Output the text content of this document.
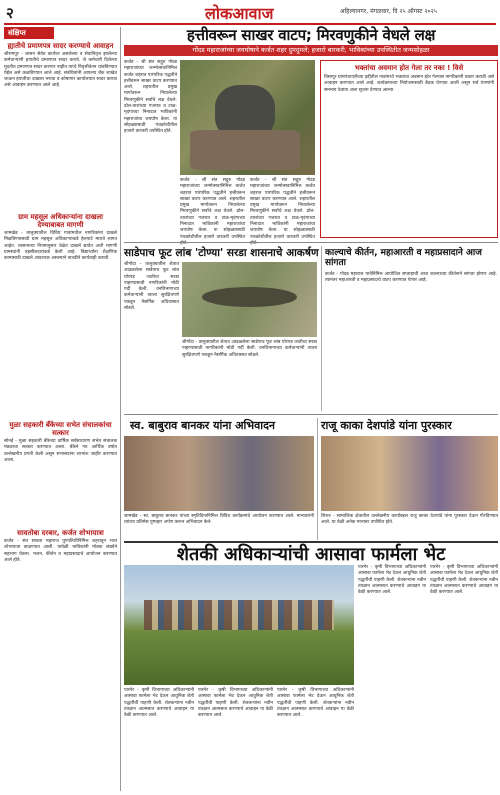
२	लोकआवाज	अहिल्यानगर, मंगळवार, दि २५ ऑगस्ट २०२५
संक्षिप्त
ह्यातीचे प्रमाणपत्र सादर करण्याचे आवाहन
श्रीरामपूर - शासन सेवेत कार्यरत असलेल्या व सेवानिवृत्त झालेल्या कर्मचाऱ्यांनी हयातीचे प्रमाणपत्र सादर करावे. जे कर्मचारी दिलेल्या मुदतीत प्रमाणपत्र सादर करणार नाहीत त्यांचे निवृत्तीवेतन थांबविण्यात येईल असे कळविण्यात आले आहे. संबंधितांनी आपल्या बँक शाखेत जाऊन हयातीचा दाखला भरावा व कोषागार कार्यालयात सादर करावा असे आवाहन करण्यात आले आहे.
ग्राम महसूल अधिकाऱ्यांना दाखला देण्याबाबत मागणी
जामखेड - तालुक्यातील विविध गावांमधील नागरिकांना दाखले मिळविण्यासाठी ग्राम महसूल अधिकाऱ्यांकडे हेलपाटे मारावे लागत आहेत. शासनाच्या नियमानुसार वेळेत दाखले द्यावेत अशी मागणी ग्रामस्थांनी तहसीलदारांकडे केली आहे. विद्यार्थ्यांना शैक्षणिक कामासाठी दाखले आवश्यक असल्याने तातडीने कार्यवाही करावी.
मुळा सहकारी बँकेच्या सभेत संचालकांचा सत्कार
सोनई - मुळा सहकारी बँकेच्या वार्षिक सर्वसाधारण सभेत संचालक मंडळाचा सत्कार करण्यात आला. बँकेने गत आर्थिक वर्षात उल्लेखनीय प्रगती केली असून सभासदांना लाभांश जाहीर करण्यात आला.
सावतोबा दरबार, कर्जत शोभायात्रा
कर्जत - संत सावता महाराज पुण्यतिथीनिमित्त शहरातून भव्य शोभायात्रा काढण्यात आली. यावेळी भाविकांनी मोठ्या संख्येने सहभाग घेतला. भजन, कीर्तन व महाप्रसादाचे आयोजन करण्यात आले होते.
हत्तीवरून साखर वाटप; मिरवणुकीने वेधले लक्ष
गोंदड महाराजांच्या जयघोषाने कर्जत शहर दुमदुमले; हजारो बारकरी, भाविकांच्या उपस्थितीत जन्मसोहळा
कर्जत - श्री संत सद्गुरु गोदड महाराजांच्या जन्मोत्सवानिमित्त कर्जत शहरात पारंपरिक पद्धतीने हत्तीवरून साखर वाटप करण्यात आले. शहरातील प्रमुख मार्गावरून निघालेल्या मिरवणुकीने सर्वांचे लक्ष वेधले. ढोल-ताशांच्या गजरात व टाळ-मृदंगाच्या निनादात भाविकांनी महाराजांचा जयघोष केला. या सोहळ्यासाठी पंचक्रोशीतील हजारो वारकरी उपस्थित होते.
कर्जत - श्री संत सद्गुरु गोदड महाराजांच्या जन्मोत्सवानिमित्त कर्जत शहरात पारंपरिक पद्धतीने हत्तीवरून साखर वाटप करण्यात आले. शहरातील प्रमुख मार्गावरून निघालेल्या मिरवणुकीने सर्वांचे लक्ष वेधले. ढोल-ताशांच्या गजरात व टाळ-मृदंगाच्या निनादात भाविकांनी महाराजांचा जयघोष केला. या सोहळ्यासाठी पंचक्रोशीतील हजारो वारकरी उपस्थित होते.
कर्जत - श्री संत सद्गुरु गोदड महाराजांच्या जन्मोत्सवानिमित्त कर्जत शहरात पारंपरिक पद्धतीने हत्तीवरून साखर वाटप करण्यात आले. शहरातील प्रमुख मार्गावरून निघालेल्या मिरवणुकीने सर्वांचे लक्ष वेधले. ढोल-ताशांच्या गजरात व टाळ-मृदंगाच्या निनादात भाविकांनी महाराजांचा जयघोष केला. या सोहळ्यासाठी पंचक्रोशीतील हजारो वारकरी उपस्थित होते.
भक्तांचा अवमान होत गेला तर नका ! विसे
विसापूर ग्रामपंचायतीच्या हद्दीतील गावांमध्ये भक्तांचा अवमान होत गेल्यास नागरिकांनी तक्रार करावी असे आवाहन करण्यात आले आहे. कार्यक्रमाच्या नियोजनासाठी बैठक घेण्यात आली असून सर्व यंत्रणांनी समन्वय ठेवावा अशा सूचना देण्यात आल्या.
साडेपाच फूट लांब 'टोण्या' सरडा शासनाचे आकर्षण
श्रीगोंदा - तालुक्यातील शेतात आढळलेला साडेपाच फूट लांब घोरपड जातीचा सरडा पाहण्यासाठी नागरिकांनी मोठी गर्दी केली. वनविभागाच्या कर्मचाऱ्यांनी त्याला सुरक्षितपणे पकडून नैसर्गिक अधिवासात सोडले.
श्रीगोंदा - तालुक्यातील शेतात आढळलेला साडेपाच फूट लांब घोरपड जातीचा सरडा पाहण्यासाठी नागरिकांनी मोठी गर्दी केली. वनविभागाच्या कर्मचाऱ्यांनी त्याला सुरक्षितपणे पकडून नैसर्गिक अधिवासात सोडले.
काल्याचे कीर्तन, महाआरती व महाप्रसादाने आज सांगता
कर्जत - गोदड महाराज यात्रेनिमित्त आयोजित सप्ताहाची आज काल्याच्या कीर्तनाने सांगता होणार आहे. त्यानंतर महाआरती व महाप्रसादाचे वाटप करण्यात येणार आहे.
स्व. बाबुराव बानकर यांना अभिवादन
जामखेड - स्व. बाबुराव बानकर यांच्या स्मृतिदिनानिमित्त विविध कार्यक्रमांचे आयोजन करण्यात आले. मान्यवरांनी त्यांच्या प्रतिमेस पुष्पहार अर्पण करून अभिवादन केले.
राजू काका देशपांडे यांना पुरस्कार
शिरूर - सामाजिक क्षेत्रातील उल्लेखनीय कार्याबद्दल राजू काका देशपांडे यांना पुरस्कार देऊन गौरविण्यात आले. या वेळी अनेक मान्यवर उपस्थित होते.
शेतकी अधिकाऱ्यांची आसावा फार्मला भेट
पारनेर - कृषी विभागाच्या अधिकाऱ्यांनी आसावा फार्मला भेट देऊन आधुनिक शेती पद्धतींची पाहणी केली. शेतकऱ्यांना नवीन तंत्रज्ञान आत्मसात करण्याचे आवाहन या वेळी करण्यात आले.
पारनेर - कृषी विभागाच्या अधिकाऱ्यांनी आसावा फार्मला भेट देऊन आधुनिक शेती पद्धतींची पाहणी केली. शेतकऱ्यांना नवीन तंत्रज्ञान आत्मसात करण्याचे आवाहन या वेळी करण्यात आले.
पारनेर - कृषी विभागाच्या अधिकाऱ्यांनी आसावा फार्मला भेट देऊन आधुनिक शेती पद्धतींची पाहणी केली. शेतकऱ्यांना नवीन तंत्रज्ञान आत्मसात करण्याचे आवाहन या वेळी करण्यात आले.
पारनेर - कृषी विभागाच्या अधिकाऱ्यांनी आसावा फार्मला भेट देऊन आधुनिक शेती पद्धतींची पाहणी केली. शेतकऱ्यांना नवीन तंत्रज्ञान आत्मसात करण्याचे आवाहन या वेळी करण्यात आले.
पारनेर - कृषी विभागाच्या अधिकाऱ्यांनी आसावा फार्मला भेट देऊन आधुनिक शेती पद्धतींची पाहणी केली. शेतकऱ्यांना नवीन तंत्रज्ञान आत्मसात करण्याचे आवाहन या वेळी करण्यात आले.
